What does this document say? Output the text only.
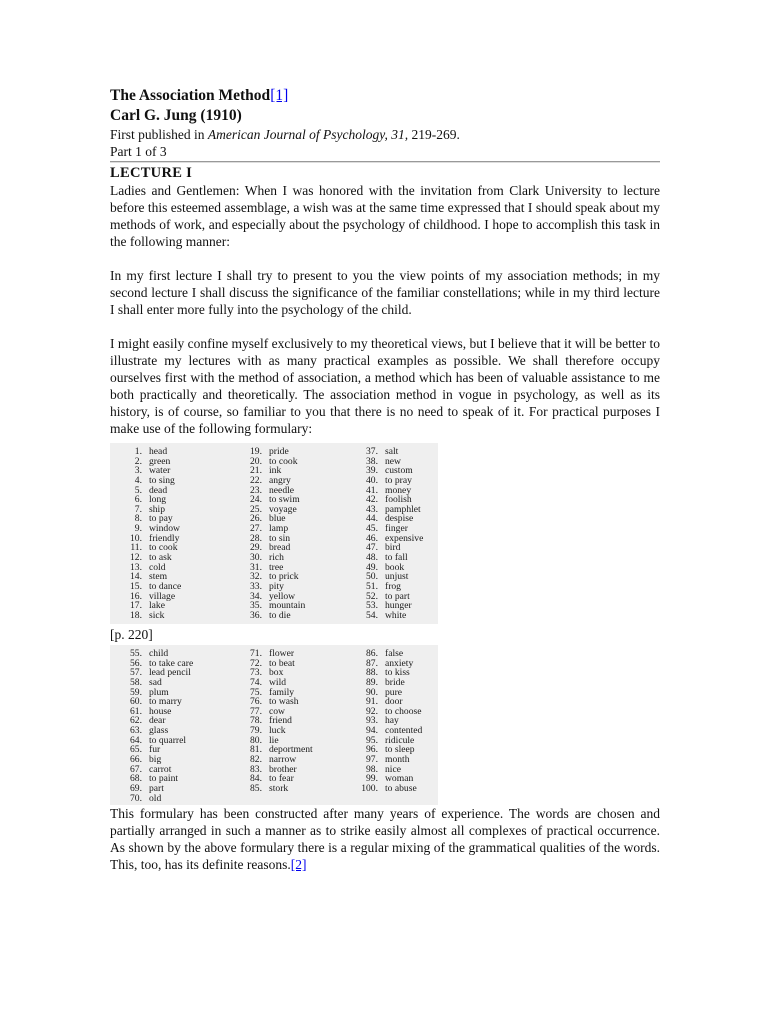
The Association Method[1]
Carl G. Jung (1910)
First published in American Journal of Psychology, 31, 219-269.
Part 1 of 3
LECTURE I

Ladies and Gentlemen: When I was honored with the invitation from Clark University to lecture before this esteemed assemblage, a wish was at the same time expressed that I should speak about my methods of work, and especially about the psychology of childhood. I hope to accomplish this task in the following manner:

In my first lecture I shall try to present to you the view points of my association methods; in my second lecture I shall discuss the significance of the familiar constellations; while in my third lecture I shall enter more fully into the psychology of the child.

I might easily confine myself exclusively to my theoretical views, but I believe that it will be better to illustrate my lectures with as many practical examples as possible. We shall therefore occupy ourselves first with the method of association, a method which has been of valuable assistance to me both practically and theoretically. The association method in vogue in psychology, as well as its history, is of course, so familiar to you that there is no need to speak of it. For practical purposes I make use of the following formulary:

1. head
2. green
3. water
4. to sing
5. dead
6. long
7. ship
8. to pay
9. window
10. friendly
11. to cook
12. to ask
13. cold
14. stem
15. to dance
16. village
17. lake
18. sick
19. pride
20. to cook
21. ink
22. angry
23. needle
24. to swim
25. voyage
26. blue
27. lamp
28. to sin
29. bread
30. rich
31. tree
32. to prick
33. pity
34. yellow
35. mountain
36. to die
37. salt
38. new
39. custom
40. to pray
41. money
42. foolish
43. pamphlet
44. despise
45. finger
46. expensive
47. bird
48. to fall
49. book
50. unjust
51. frog
52. to part
53. hunger
54. white
[p. 220]
55. child
56. to take care
57. lead pencil
58. sad
59. plum
60. to marry
61. house
62. dear
63. glass
64. to quarrel
65. fur
66. big
67. carrot
68. to paint
69. part
70. old
71. flower
72. to beat
73. box
74. wild
75. family
76. to wash
77. cow
78. friend
79. luck
80. lie
81. deportment
82. narrow
83. brother
84. to fear
85. stork
86. false
87. anxiety
88. to kiss
89. bride
90. pure
91. door
92. to choose
93. hay
94. contented
95. ridicule
96. to sleep
97. month
98. nice
99. woman
100. to abuse

This formulary has been constructed after many years of experience. The words are chosen and partially arranged in such a manner as to strike easily almost all complexes of practical occurrence. As shown by the above formulary there is a regular mixing of the grammatical qualities of the words. This, too, has its definite reasons.[2]
